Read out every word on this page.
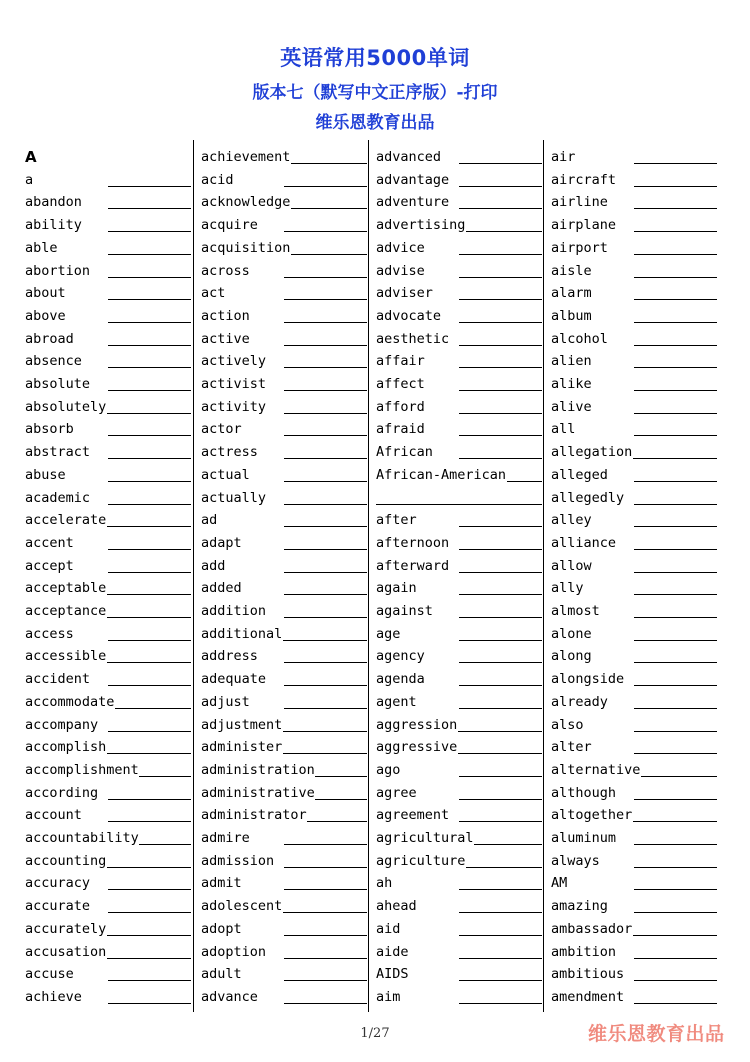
英语常用5000单词
版本七（默写中文正序版）-打印
维乐恩教育出品
A
a
abandon
ability
able
abortion
about
above
abroad
absence
absolute
absolutely
absorb
abstract
abuse
academic
accelerate
accent
accept
acceptable
acceptance
access
accessible
accident
accommodate
accompany
accomplish
accomplishment
according
account
accountability
accounting
accuracy
accurate
accurately
accusation
accuse
achieve
achievement
acid
acknowledge
acquire
acquisition
across
act
action
active
actively
activist
activity
actor
actress
actual
actually
ad
adapt
add
added
addition
additional
address
adequate
adjust
adjustment
administer
administration
administrative
administrator
admire
admission
admit
adolescent
adopt
adoption
adult
advance
advanced
advantage
adventure
advertising
advice
advise
adviser
advocate
aesthetic
affair
affect
afford
afraid
African
African-American
after
afternoon
afterward
again
against
age
agency
agenda
agent
aggression
aggressive
ago
agree
agreement
agricultural
agriculture
ah
ahead
aid
aide
AIDS
aim
air
aircraft
airline
airplane
airport
aisle
alarm
album
alcohol
alien
alike
alive
all
allegation
alleged
allegedly
alley
alliance
allow
ally
almost
alone
along
alongside
already
also
alter
alternative
although
altogether
aluminum
always
AM
amazing
ambassador
ambition
ambitious
amendment
1/27	维乐恩教育出品
